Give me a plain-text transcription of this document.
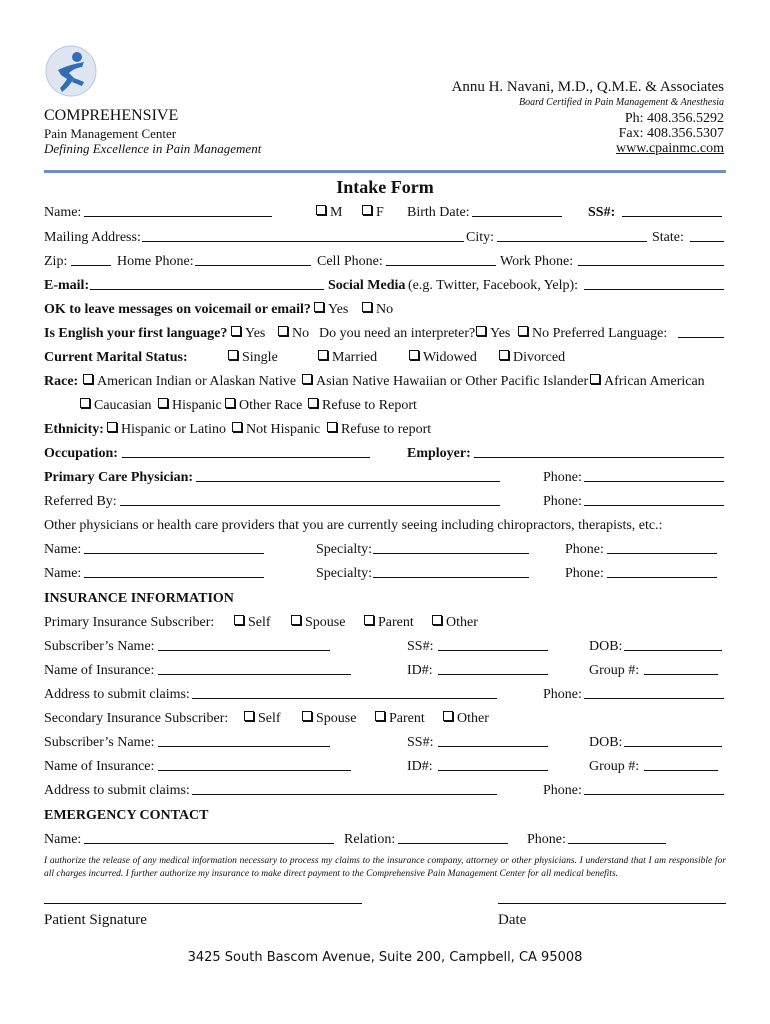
Annu H. Navani, M.D., Q.M.E. & Associates
Board Certified in Pain Management & Anesthesia
Ph: 408.356.5292
Fax: 408.356.5307
www.cpainmc.com
COMPREHENSIVE
Pain Management Center
Defining Excellence in Pain Management
Intake Form
Name:	M	F Birth Date:	SS#:
Mailing Address:	City:	State:
Zip:	Home Phone:	Cell Phone:	Work Phone:
E-mail:	Social Media (e.g. Twitter, Facebook, Yelp):
OK to leave messages on voicemail or email?	Yes	No
Is English your first language?	Yes	No Do you need an interpreter?	Yes	No Preferred Language:
Current Marital Status:	Single	Married	Widowed	Divorced
Race:	American Indian or Alaskan Native	Asian Native Hawaiian or Other Pacific Islander	African American
Caucasian	Hispanic	Other Race	Refuse to Report
Ethnicity:	Hispanic or Latino	Not Hispanic	Refuse to report
Occupation:	Employer:
Primary Care Physician:	Phone:
Referred By:	Phone:
Other physicians or health care providers that you are currently seeing including chiropractors, therapists, etc.:
Name:	Specialty:	Phone:
Name:	Specialty:	Phone:
INSURANCE INFORMATION
Primary Insurance Subscriber:	Self	Spouse	Parent	Other
Subscriber’s Name:	SS#:	DOB:
Name of Insurance:	ID#:	Group #:
Address to submit claims:	Phone:
Secondary Insurance Subscriber:	Self	Spouse	Parent	Other
Subscriber’s Name:	SS#:	DOB:
Name of Insurance:	ID#:	Group #:
Address to submit claims:	Phone:
EMERGENCY CONTACT
Name:	Relation:	Phone:
I authorize the release of any medical information necessary to process my claims to the insurance company, attorney or other physicians. I understand that I am responsible for all charges incurred. I further authorize my insurance to make direct payment to the Comprehensive Pain Management Center for all medical benefits.
Patient Signature	Date
3425 South Bascom Avenue, Suite 200, Campbell, CA 95008
